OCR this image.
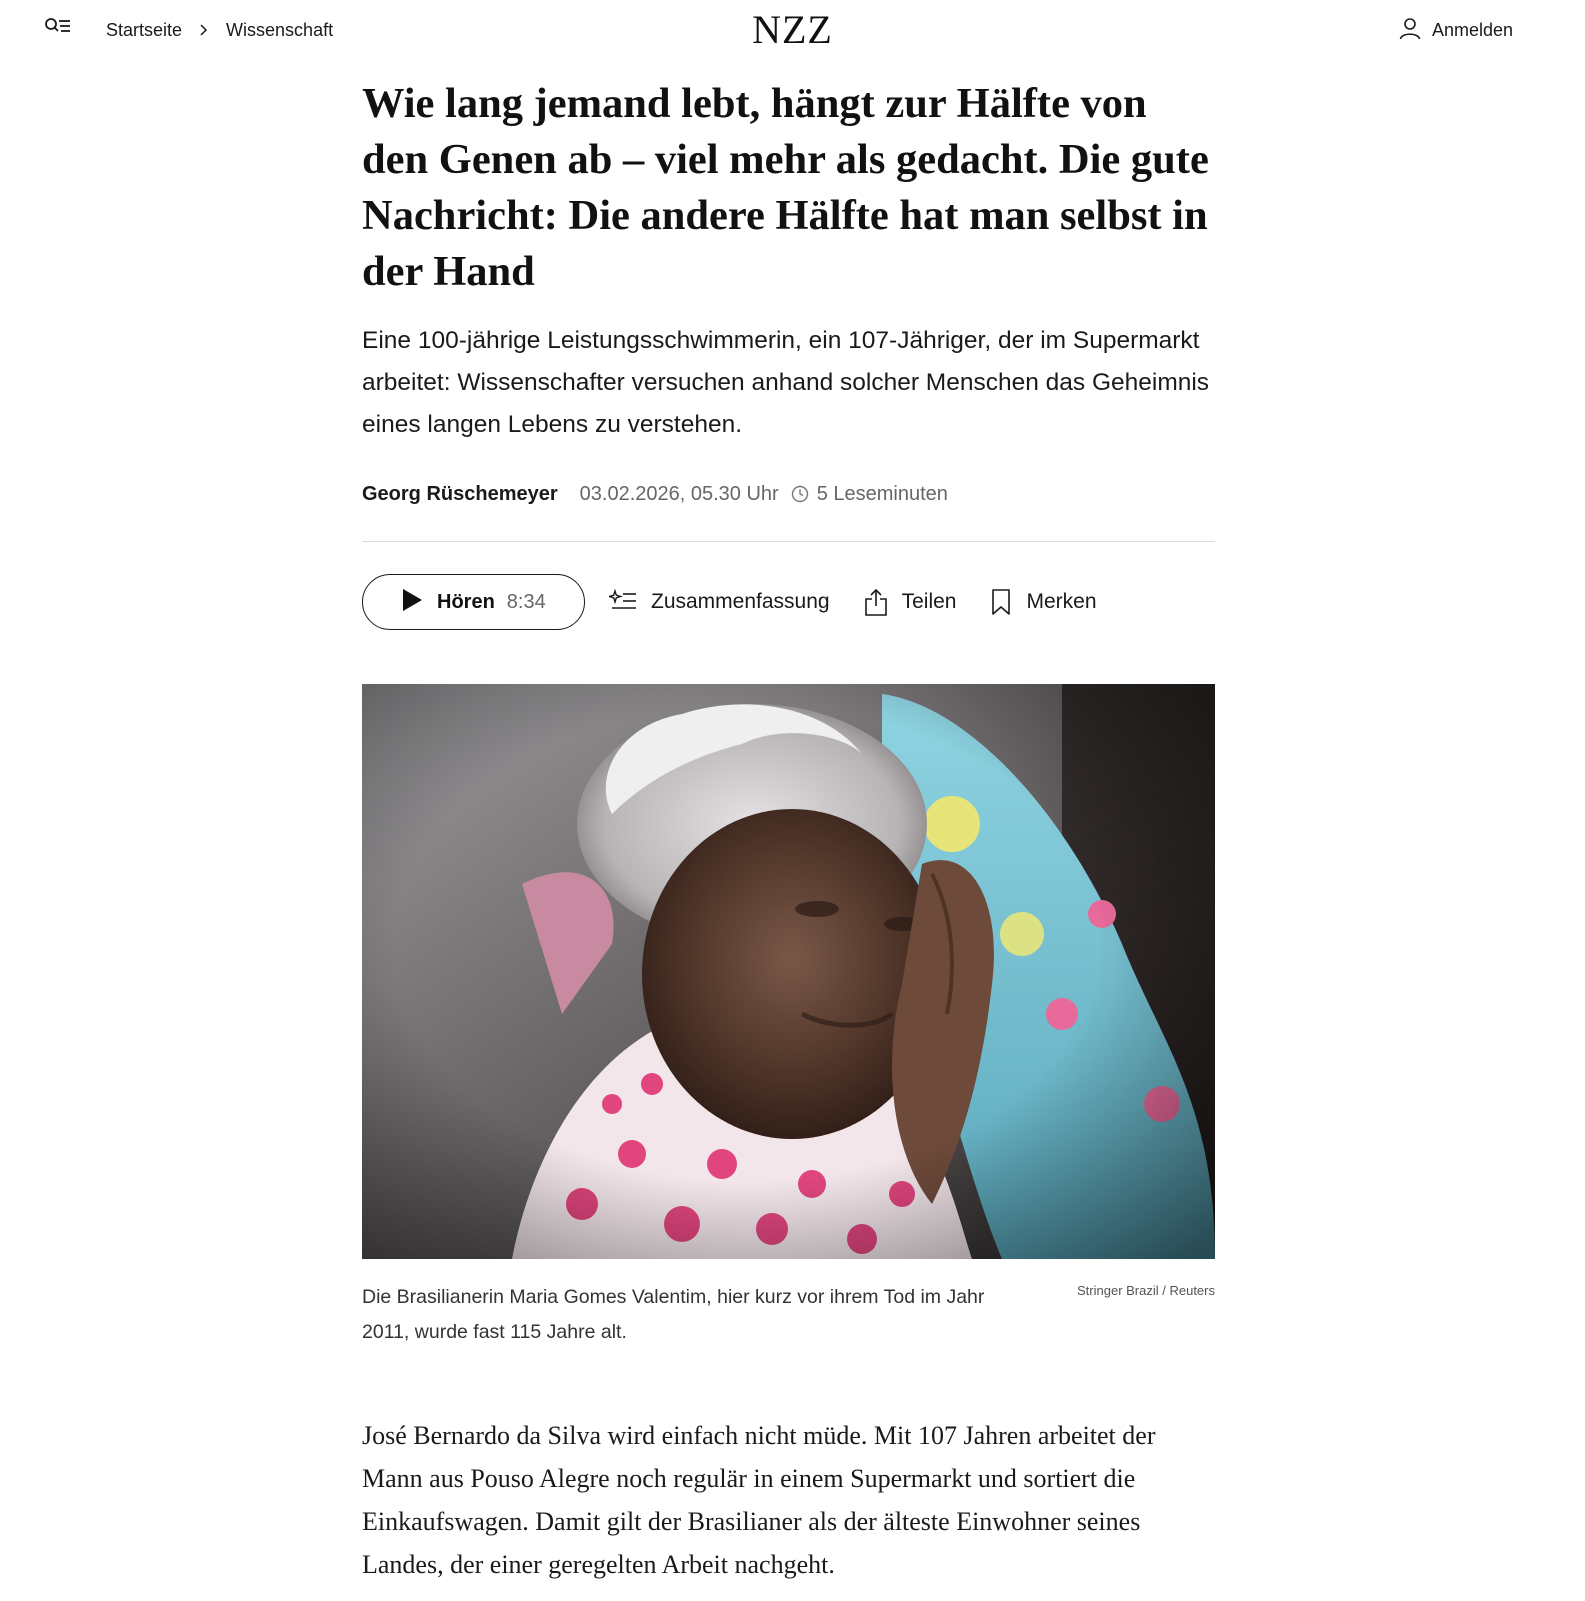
Startseite Wissenschaft	NZZ	Anmelden
Wie lang jemand lebt, hängt zur Hälfte von den Genen ab – viel mehr als gedacht. Die gute Nachricht: Die andere Hälfte hat man selbst in der Hand

Eine 100-jährige Leistungsschwimmerin, ein 107-Jähriger, der im Supermarkt arbeitet: Wissenschafter versuchen anhand solcher Menschen das Geheimnis eines langen Lebens zu verstehen.

Georg Rüschemeyer 03.02.2026, 05.30 Uhr 5 Leseminuten
Hören 8:34	Zusammenfassung	Teilen	Merken
Die Brasilianerin Maria Gomes Valentim, hier kurz vor ihrem Tod im Jahr 2011, wurde fast 115 Jahre alt.
Stringer Brazil / Reuters

José Bernardo da Silva wird einfach nicht müde. Mit 107 Jahren arbeitet der Mann aus Pouso Alegre noch regulär in einem Supermarkt und sortiert die Einkaufswagen. Damit gilt der Brasilianer als der älteste Einwohner seines Landes, der einer geregelten Arbeit nachgeht.
